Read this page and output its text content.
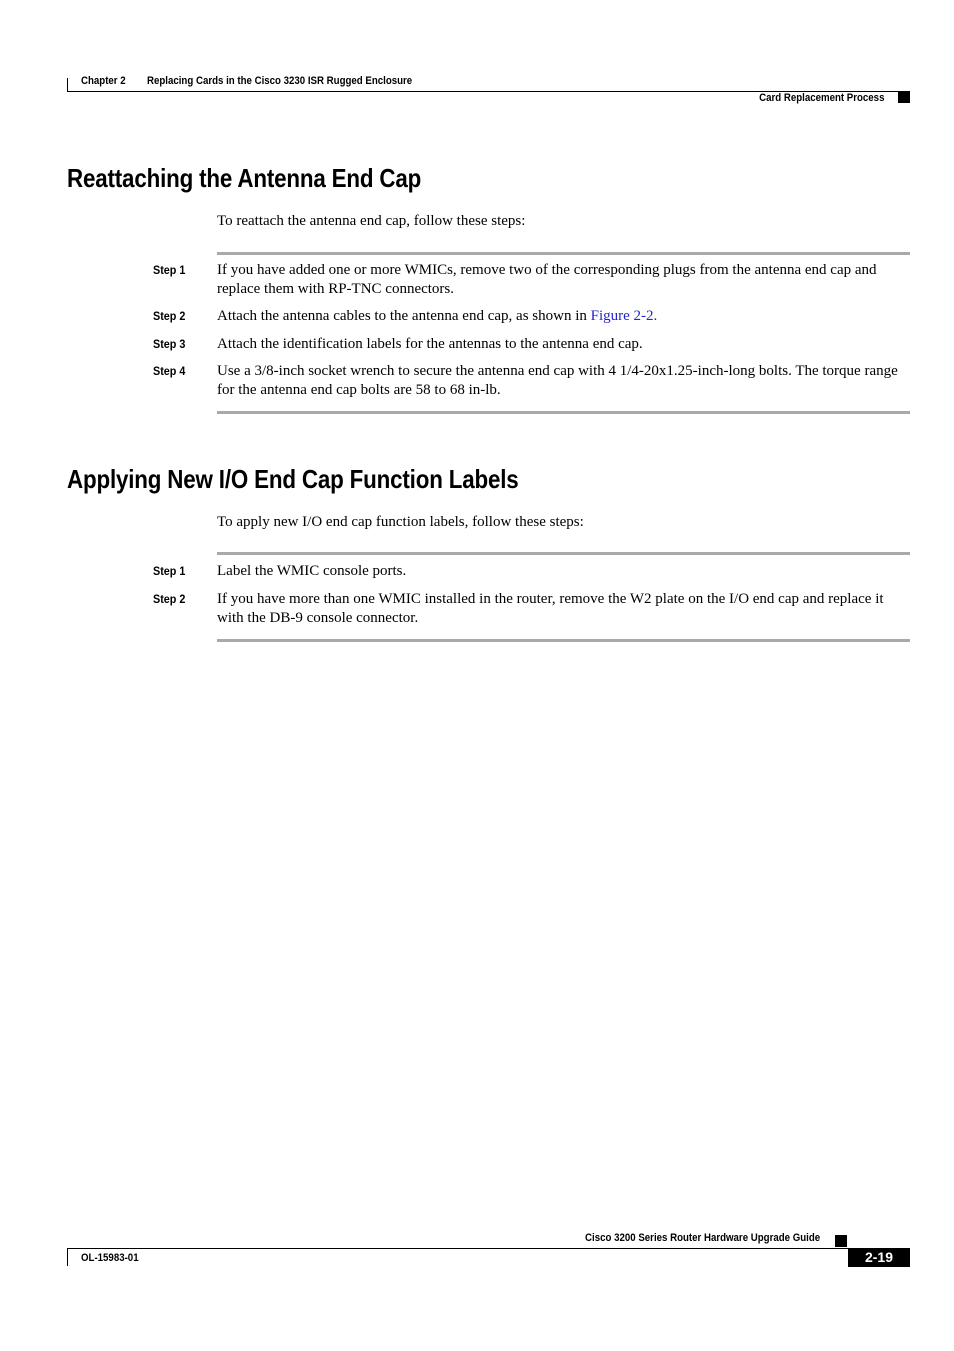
Chapter 2 Replacing Cards in the Cisco 3230 ISR Rugged Enclosure
Card Replacement Process
Reattaching the Antenna End Cap
To reattach the antenna end cap, follow these steps:
Step 1 If you have added one or more WMICs, remove two of the corresponding plugs from the antenna end cap and replace them with RP-TNC connectors.
Step 2 Attach the antenna cables to the antenna end cap, as shown in Figure 2-2.
Step 3 Attach the identification labels for the antennas to the antenna end cap.
Step 4 Use a 3/8-inch socket wrench to secure the antenna end cap with 4 1/4-20x1.25-inch-long bolts. The torque range for the antenna end cap bolts are 58 to 68 in-lb.
Applying New I/O End Cap Function Labels
To apply new I/O end cap function labels, follow these steps:
Step 1 Label the WMIC console ports.
Step 2 If you have more than one WMIC installed in the router, remove the W2 plate on the I/O end cap and replace it with the DB-9 console connector.
Cisco 3200 Series Router Hardware Upgrade Guide
OL-15983-01	2-19
